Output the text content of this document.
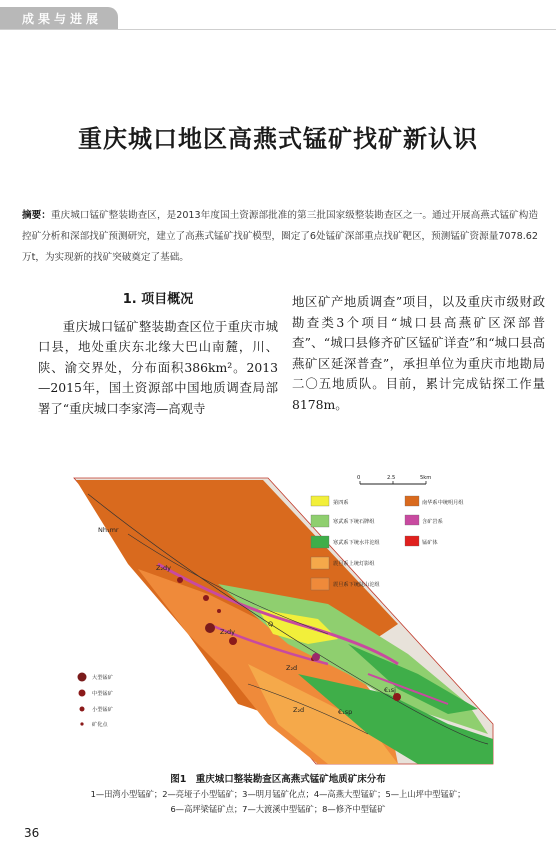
成果与进展
重庆城口地区高燕式锰矿找矿新认识
摘要：重庆城口锰矿整装勘查区，是2013年度国土资源部批准的第三批国家级整装勘查区之一。通过开展高燕式锰矿构造控矿分析和深部找矿预测研究，建立了高燕式锰矿找矿模型，圈定了6处锰矿深部重点找矿靶区，预测锰矿资源量7078.62万t，为实现新的找矿突破奠定了基础。
1. 项目概况
重庆城口锰矿整装勘查区位于重庆市城口县，地处重庆东北缘大巴山南麓，川、陕、渝交界处，分布面积386km²。2013—2015年，国土资源部中国地质调查局部署了“重庆城口李家湾—高观寺
地区矿产地质调查”项目，以及重庆市级财政勘查类3个项目“城口县高燕矿区深部普查”、“城口县修齐矿区锰矿详查”和“城口县高燕矿区延深普查”，承担单位为重庆市地勘局二〇五地质队。目前，累计完成钻探工作量8178m。
Nh₁mr
Z₂dy
Z₂dy
Q
Z₂d
Z₂d	€₁sp
€₁sj
0	2.5	5km
第四系	南华系中统明月组
寒武系下统石牌组	含矿岩系
寒武系下统水井沱组	锰矿体
震旦系上统灯影组
震旦系下统陡山沱组
大型锰矿
中型锰矿
小型锰矿
矿化点
图1　重庆城口整装勘查区高燕式锰矿地质矿床分布
1—田湾小型锰矿；2—亮垭子小型锰矿；3—明月锰矿化点；4—高燕大型锰矿；5—上山坪中型锰矿；
6—高坪梁锰矿点；7—大渡溪中型锰矿；8—修齐中型锰矿
36
